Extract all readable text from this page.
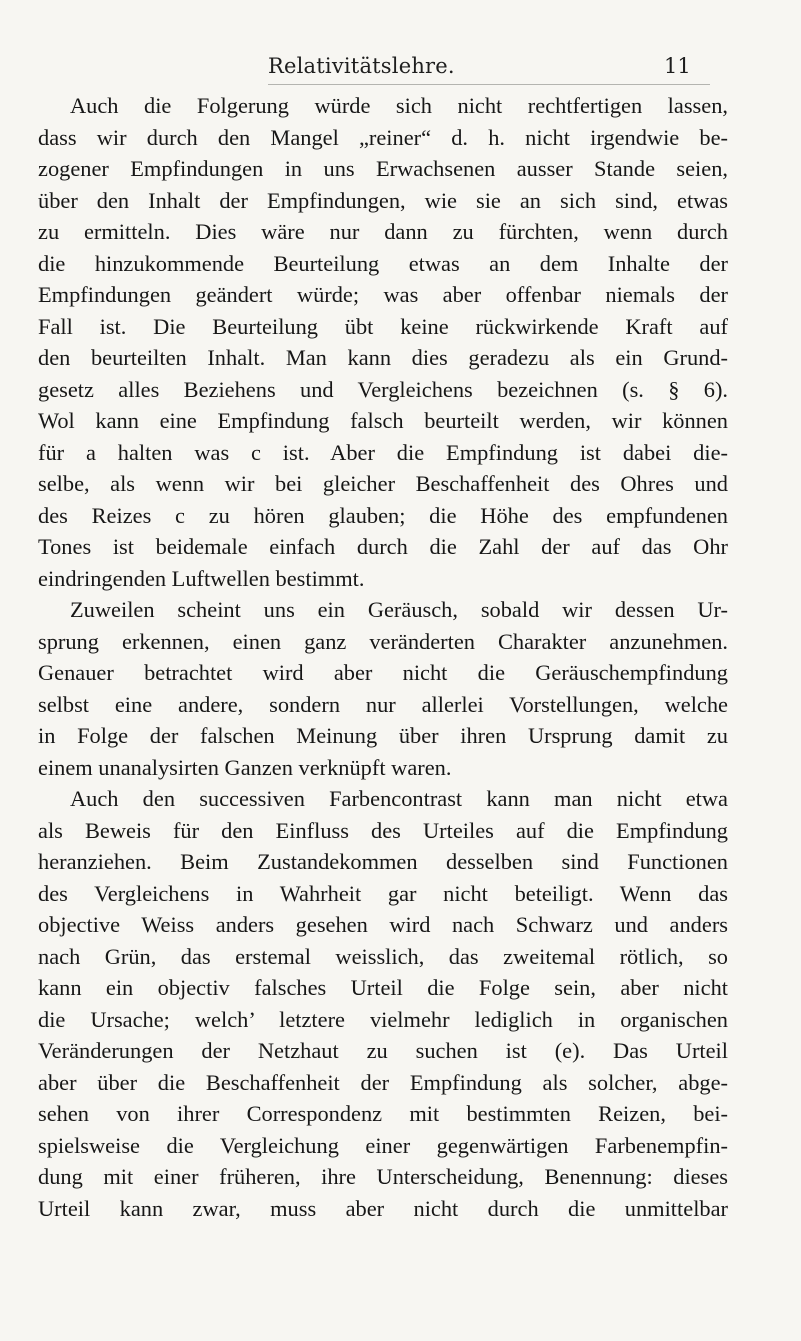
Relativitätslehre.	11
Auch die Folgerung würde sich nicht rechtfertigen lassen,
dass wir durch den Mangel „reiner“ d. h. nicht irgendwie be-
zogener Empfindungen in uns Erwachsenen ausser Stande seien,
über den Inhalt der Empfindungen, wie sie an sich sind, etwas
zu ermitteln. Dies wäre nur dann zu fürchten, wenn durch
die hinzukommende Beurteilung etwas an dem Inhalte der
Empfindungen geändert würde; was aber offenbar niemals der
Fall ist. Die Beurteilung übt keine rückwirkende Kraft auf
den beurteilten Inhalt. Man kann dies geradezu als ein Grund-
gesetz alles Beziehens und Vergleichens bezeichnen (s. § 6).
Wol kann eine Empfindung falsch beurteilt werden, wir können
für a halten was c ist. Aber die Empfindung ist dabei die-
selbe, als wenn wir bei gleicher Beschaffenheit des Ohres und
des Reizes c zu hören glauben; die Höhe des empfundenen
Tones ist beidemale einfach durch die Zahl der auf das Ohr
eindringenden Luftwellen bestimmt.
Zuweilen scheint uns ein Geräusch, sobald wir dessen Ur-
sprung erkennen, einen ganz veränderten Charakter anzunehmen.
Genauer betrachtet wird aber nicht die Geräuschempfindung
selbst eine andere, sondern nur allerlei Vorstellungen, welche
in Folge der falschen Meinung über ihren Ursprung damit zu
einem unanalysirten Ganzen verknüpft waren.
Auch den successiven Farbencontrast kann man nicht etwa
als Beweis für den Einfluss des Urteiles auf die Empfindung
heranziehen. Beim Zustandekommen desselben sind Functionen
des Vergleichens in Wahrheit gar nicht beteiligt. Wenn das
objective Weiss anders gesehen wird nach Schwarz und anders
nach Grün, das erstemal weisslich, das zweitemal rötlich, so
kann ein objectiv falsches Urteil die Folge sein, aber nicht
die Ursache; welch’ letztere vielmehr lediglich in organischen
Veränderungen der Netzhaut zu suchen ist (e). Das Urteil
aber über die Beschaffenheit der Empfindung als solcher, abge-
sehen von ihrer Correspondenz mit bestimmten Reizen, bei-
spielsweise die Vergleichung einer gegenwärtigen Farbenempfin-
dung mit einer früheren, ihre Unterscheidung, Benennung: dieses
Urteil kann zwar, muss aber nicht durch die unmittelbar
